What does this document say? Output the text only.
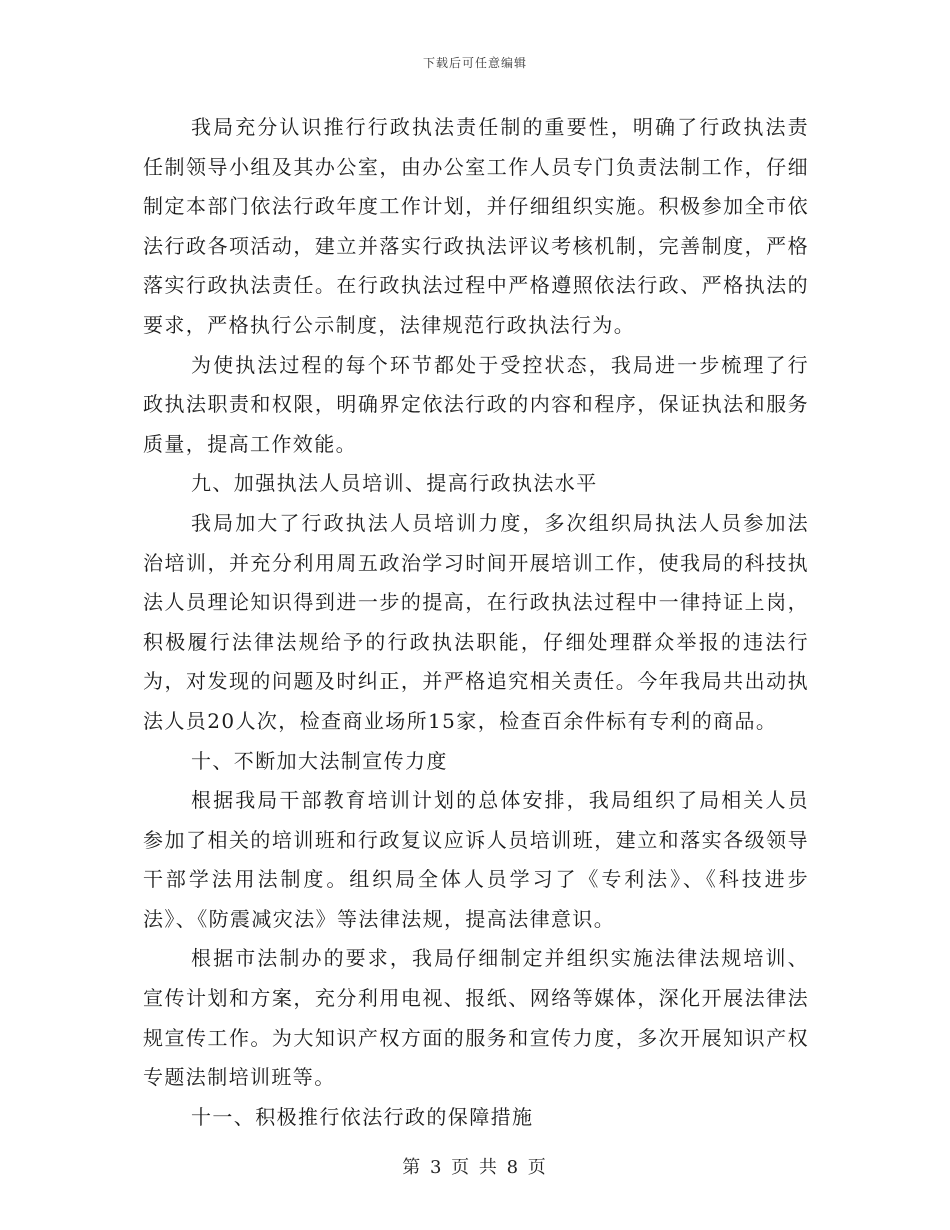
下载后可任意编辑

我局充分认识推行行政执法责任制的重要性，明确了行政执法责任制领导小组及其办公室，由办公室工作人员专门负责法制工作，仔细制定本部门依法行政年度工作计划，并仔细组织实施。积极参加全市依法行政各项活动，建立并落实行政执法评议考核机制，完善制度，严格落实行政执法责任。在行政执法过程中严格遵照依法行政、严格执法的要求，严格执行公示制度，法律规范行政执法行为。

为使执法过程的每个环节都处于受控状态，我局进一步梳理了行政执法职责和权限，明确界定依法行政的内容和程序，保证执法和服务质量，提高工作效能。

九、加强执法人员培训、提高行政执法水平

我局加大了行政执法人员培训力度，多次组织局执法人员参加法治培训，并充分利用周五政治学习时间开展培训工作，使我局的科技执法人员理论知识得到进一步的提高，在行政执法过程中一律持证上岗，积极履行法律法规给予的行政执法职能，仔细处理群众举报的违法行为，对发现的问题及时纠正，并严格追究相关责任。今年我局共出动执法人员20人次，检查商业场所15家，检查百余件标有专利的商品。

十、不断加大法制宣传力度

根据我局干部教育培训计划的总体安排，我局组织了局相关人员参加了相关的培训班和行政复议应诉人员培训班，建立和落实各级领导干部学法用法制度。组织局全体人员学习了《专利法》、《科技进步法》、《防震减灾法》等法律法规，提高法律意识。

根据市法制办的要求，我局仔细制定并组织实施法律法规培训、宣传计划和方案，充分利用电视、报纸、网络等媒体，深化开展法律法规宣传工作。为大知识产权方面的服务和宣传力度，多次开展知识产权专题法制培训班等。

十一、积极推行依法行政的保障措施

第 3 页 共 8 页
